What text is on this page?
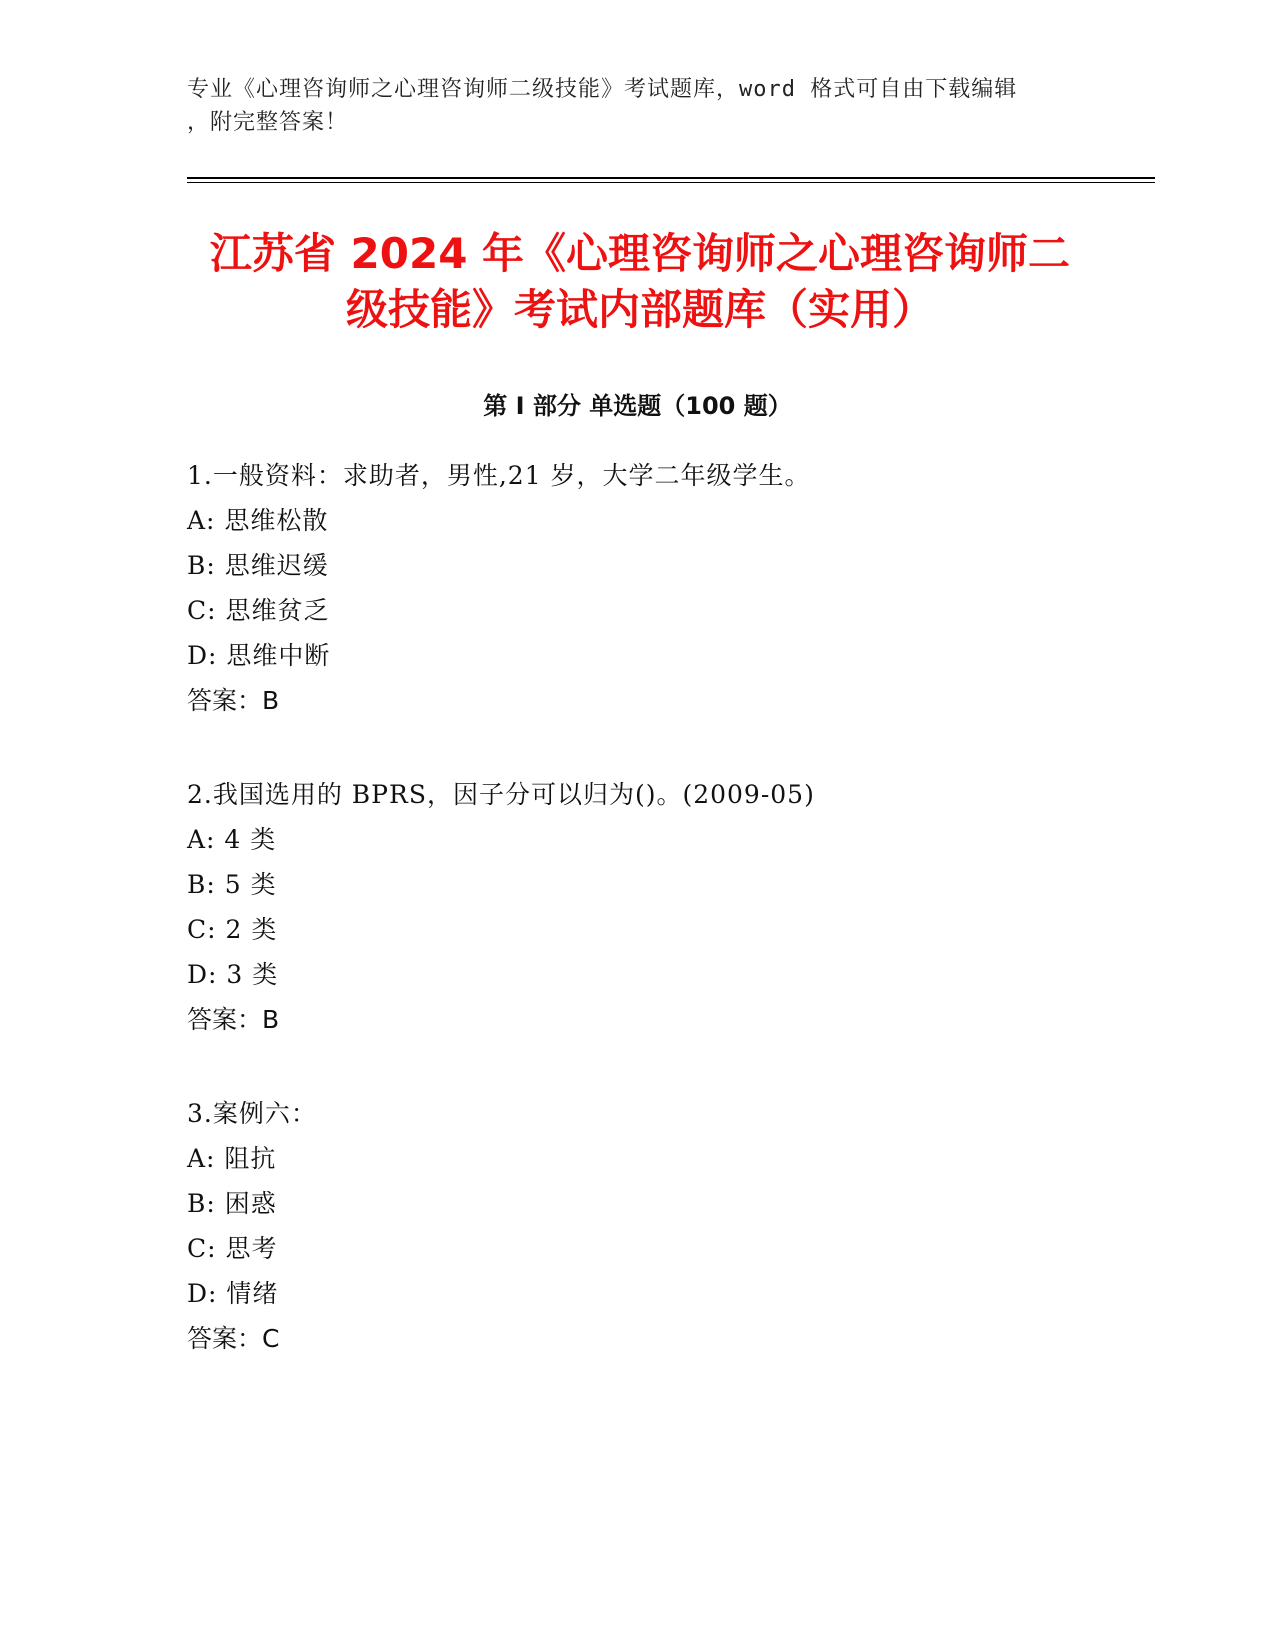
专业《心理咨询师之心理咨询师二级技能》考试题库，word 格式可自由下载编辑
，附完整答案！
江苏省 2024 年《心理咨询师之心理咨询师二
级技能》考试内部题库（实用）
第 I 部分 单选题（100 题）
1.一般资料：求助者，男性,21 岁，大学二年级学生。
A: 思维松散
B: 思维迟缓
C: 思维贫乏
D: 思维中断
答案：B
2.我国选用的 BPRS，因子分可以归为()。(2009-05)
A: 4 类
B: 5 类
C: 2 类
D: 3 类
答案：B
3.案例六：
A: 阻抗
B: 困惑
C: 思考
D: 情绪
答案：C
